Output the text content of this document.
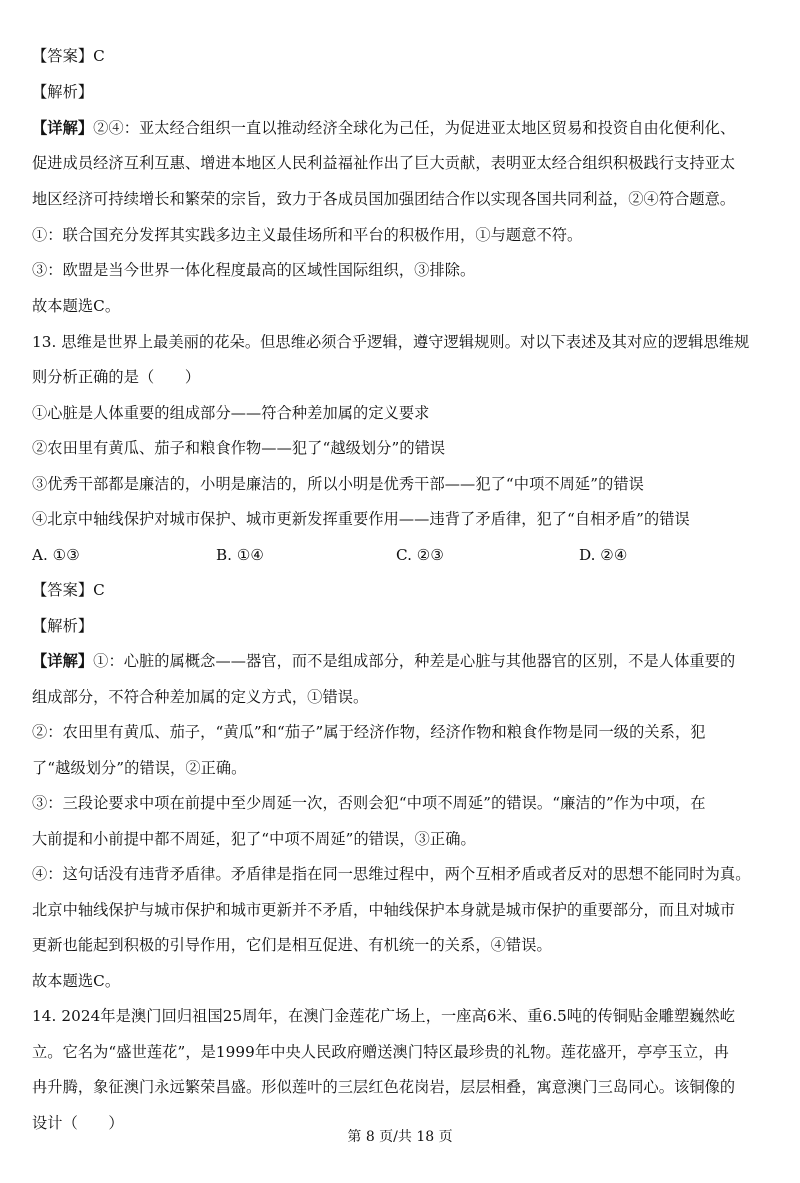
【答案】C
【解析】
【详解】②④：亚太经合组织一直以推动经济全球化为己任，为促进亚太地区贸易和投资自由化便利化、
促进成员经济互利互惠、增进本地区人民利益福祉作出了巨大贡献，表明亚太经合组织积极践行支持亚太
地区经济可持续增长和繁荣的宗旨，致力于各成员国加强团结合作以实现各国共同利益，②④符合题意。
①：联合国充分发挥其实践多边主义最佳场所和平台的积极作用，①与题意不符。
③：欧盟是当今世界一体化程度最高的区域性国际组织，③排除。
故本题选C。
13. 思维是世界上最美丽的花朵。但思维必须合乎逻辑，遵守逻辑规则。对以下表述及其对应的逻辑思维规
则分析正确的是（　　）
①心脏是人体重要的组成部分——符合种差加属的定义要求
②农田里有黄瓜、茄子和粮食作物——犯了“越级划分”的错误
③优秀干部都是廉洁的，小明是廉洁的，所以小明是优秀干部——犯了“中项不周延”的错误
④北京中轴线保护对城市保护、城市更新发挥重要作用——违背了矛盾律，犯了“自相矛盾”的错误
A. ①③	B. ①④	C. ②③	D. ②④
【答案】C
【解析】
【详解】①：心脏的属概念——器官，而不是组成部分，种差是心脏与其他器官的区别，不是人体重要的
组成部分，不符合种差加属的定义方式，①错误。
②：农田里有黄瓜、茄子，“黄瓜”和“茄子”属于经济作物，经济作物和粮食作物是同一级的关系，犯
了“越级划分”的错误，②正确。
③：三段论要求中项在前提中至少周延一次，否则会犯“中项不周延”的错误。“廉洁的”作为中项，在
大前提和小前提中都不周延，犯了“中项不周延”的错误，③正确。
④：这句话没有违背矛盾律。矛盾律是指在同一思维过程中，两个互相矛盾或者反对的思想不能同时为真。
北京中轴线保护与城市保护和城市更新并不矛盾，中轴线保护本身就是城市保护的重要部分，而且对城市
更新也能起到积极的引导作用，它们是相互促进、有机统一的关系，④错误。
故本题选C。
14. 2024年是澳门回归祖国25周年，在澳门金莲花广场上，一座高6米、重6.5吨的传铜贴金雕塑巍然屹
立。它名为“盛世莲花”，是1999年中央人民政府赠送澳门特区最珍贵的礼物。莲花盛开，亭亭玉立，冉
冉升腾，象征澳门永远繁荣昌盛。形似莲叶的三层红色花岗岩，层层相叠，寓意澳门三岛同心。该铜像的
设计（　　）
第 8 页/共 18 页
